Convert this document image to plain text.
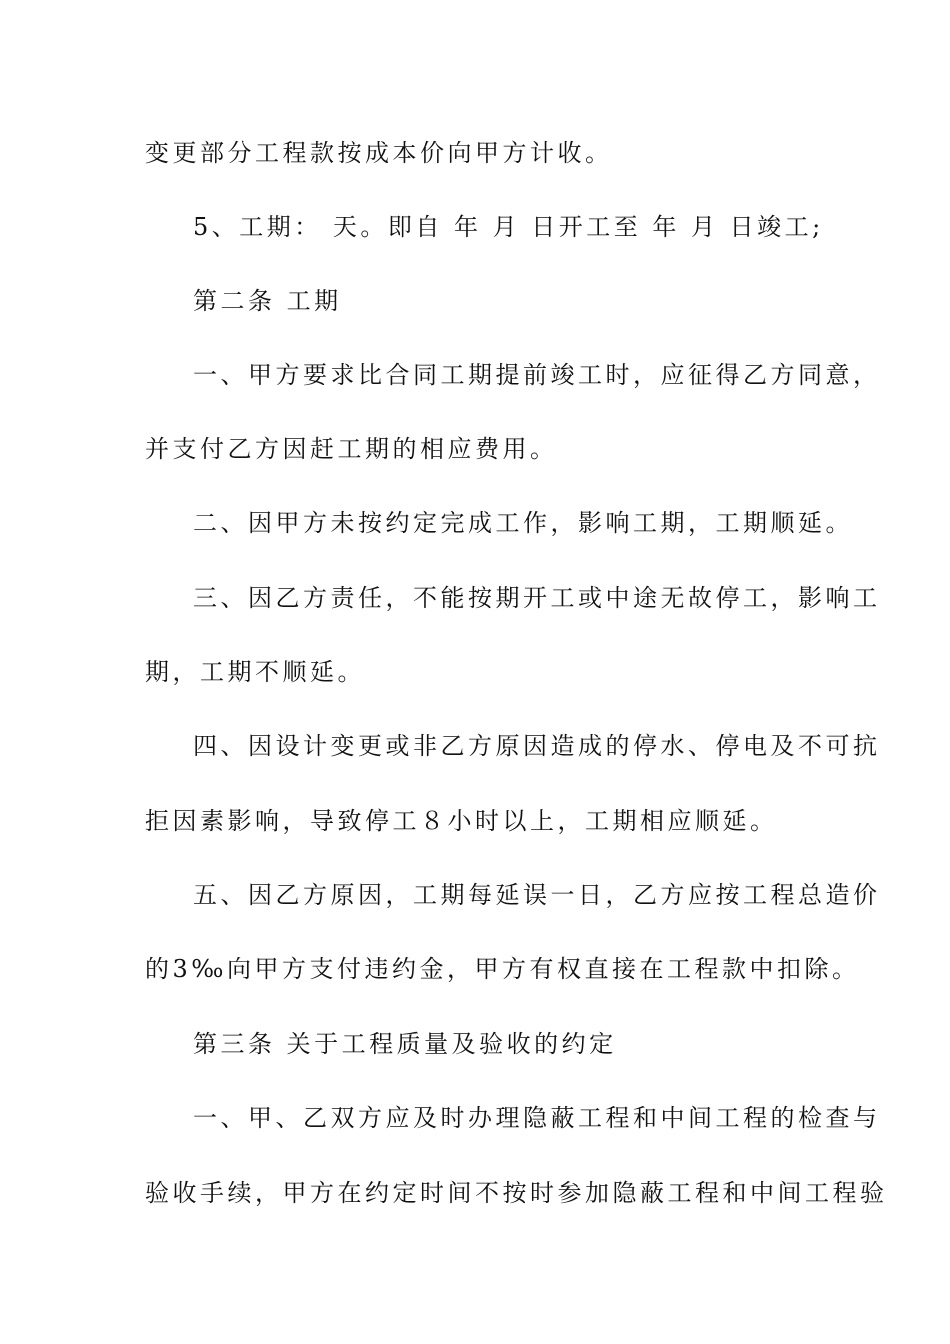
变更部分工程款按成本价向甲方计收。
5、工期： 天。即自 年 月 日开工至 年 月 日竣工;
第二条 工期
一、甲方要求比合同工期提前竣工时，应征得乙方同意，
并支付乙方因赶工期的相应费用。
二、因甲方未按约定完成工作，影响工期，工期顺延。
三、因乙方责任，不能按期开工或中途无故停工，影响工
期，工期不顺延。
四、因设计变更或非乙方原因造成的停水、停电及不可抗
拒因素影响，导致停工８小时以上，工期相应顺延。
五、因乙方原因，工期每延误一日，乙方应按工程总造价
的3‰向甲方支付违约金，甲方有权直接在工程款中扣除。
第三条 关于工程质量及验收的约定
一、甲、乙双方应及时办理隐蔽工程和中间工程的检查与
验收手续，甲方在约定时间不按时参加隐蔽工程和中间工程验
